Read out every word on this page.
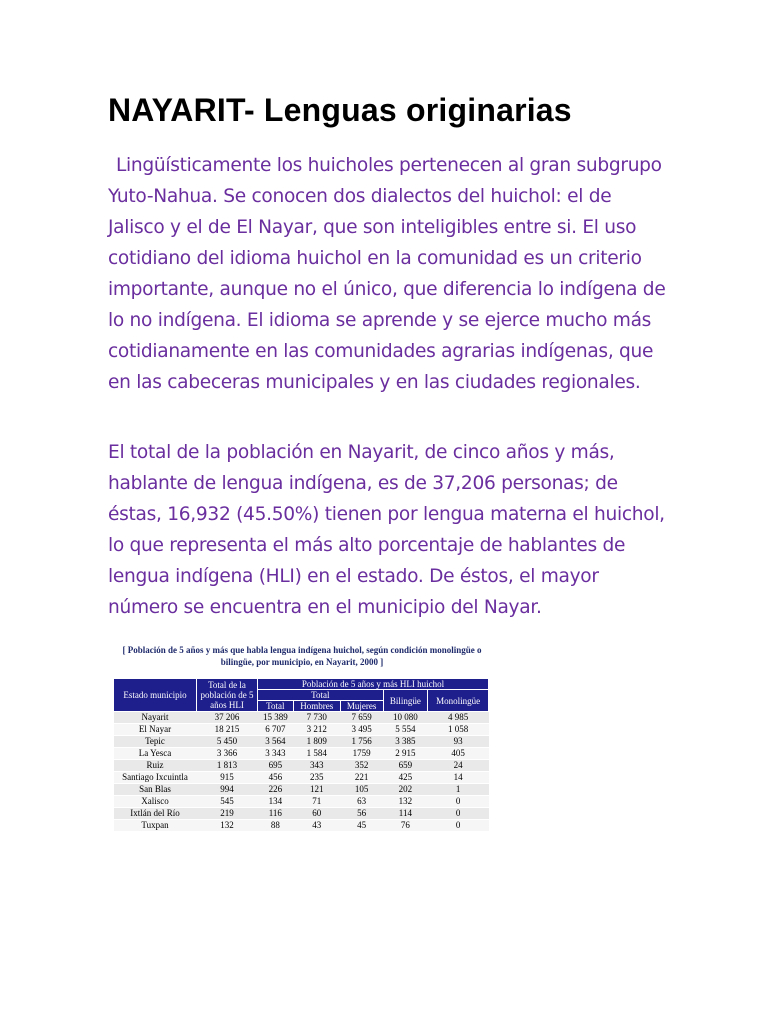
NAYARIT- Lenguas originarias

Lingüísticamente los huicholes pertenecen al gran subgrupo Yuto-Nahua. Se conocen dos dialectos del huichol: el de Jalisco y el de El Nayar, que son inteligibles entre si. El uso cotidiano del idioma huichol en la comunidad es un criterio importante, aunque no el único, que diferencia lo indígena de lo no indígena. El idioma se aprende y se ejerce mucho más cotidianamente en las comunidades agrarias indígenas, que en las cabeceras municipales y en las ciudades regionales.

El total de la población en Nayarit, de cinco años y más, hablante de lengua indígena, es de 37,206 personas; de éstas, 16,932 (45.50%) tienen por lengua materna el huichol, lo que representa el más alto porcentaje de hablantes de lengua indígena (HLI) en el estado. De éstos, el mayor número se encuentra en el municipio del Nayar.

[ Población de 5 años y más que habla lengua indígena huichol, según condición monolingüe o bilingüe, por municipio, en Nayarit, 2000 ]

Estado municipio	Total de la población de 5 años HLI	Población de 5 años y más HLI huichol				
		Total			Bilingüe	Monolingüe
		Total	Hombres	Mujeres		
Nayarit	37 206	15 389	7 730	7 659	10 080	4 985
El Nayar	18 215	6 707	3 212	3 495	5 554	1 058
Tepic	5 450	3 564	1 809	1 756	3 385	93
La Yesca	3 366	3 343	1 584	1759	2 915	405
Ruiz	1 813	695	343	352	659	24
Santiago Ixcuintla	915	456	235	221	425	14
San Blas	994	226	121	105	202	1
Xalisco	545	134	71	63	132	0
Ixtlán del Río	219	116	60	56	114	0
Tuxpan	132	88	43	45	76	0
